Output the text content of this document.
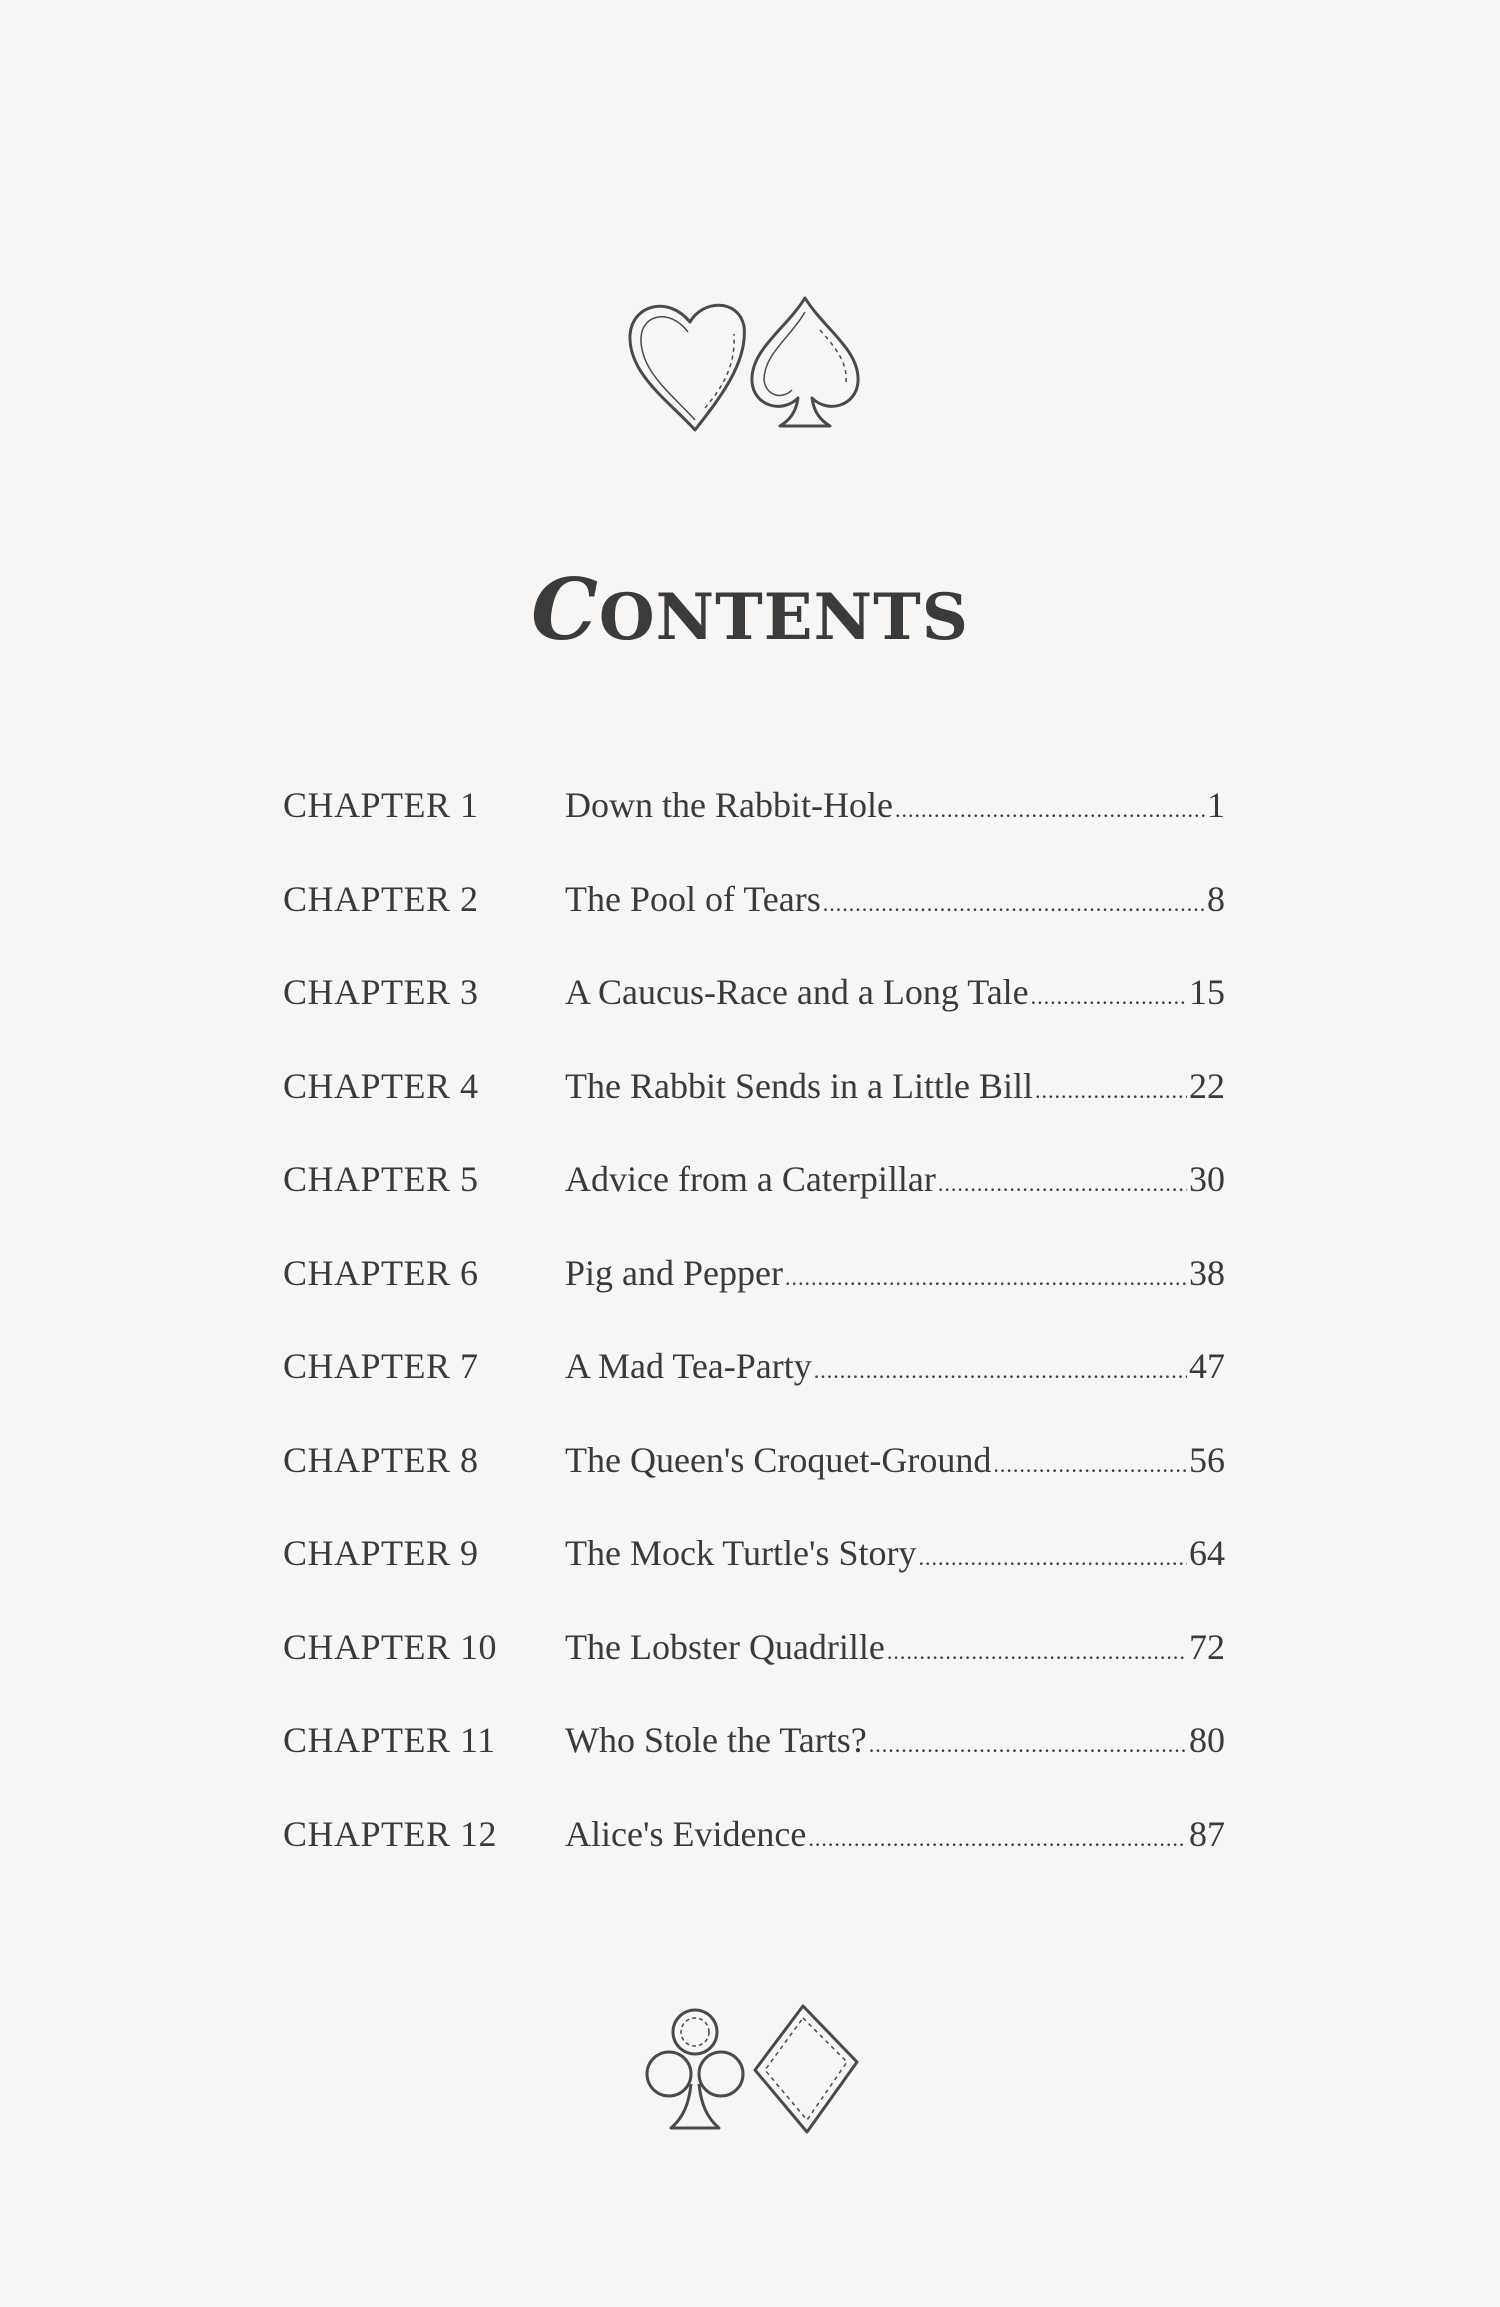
CONTENTS
CHAPTER 1 Down the Rabbit-Hole .....	1
CHAPTER 2 The Pool of Tears .....	8
CHAPTER 3 A Caucus-Race and a Long Tale .....	15
CHAPTER 4 The Rabbit Sends in a Little Bill .....	22
CHAPTER 5 Advice from a Caterpillar .....	30
CHAPTER 6 Pig and Pepper .....	38
CHAPTER 7 A Mad Tea-Party .....	47
CHAPTER 8 The Queen's Croquet-Ground .....	56
CHAPTER 9 The Mock Turtle's Story .....	64
CHAPTER 10 The Lobster Quadrille .....	72
CHAPTER 11 Who Stole the Tarts? .....	80
CHAPTER 12 Alice's Evidence .....	87
